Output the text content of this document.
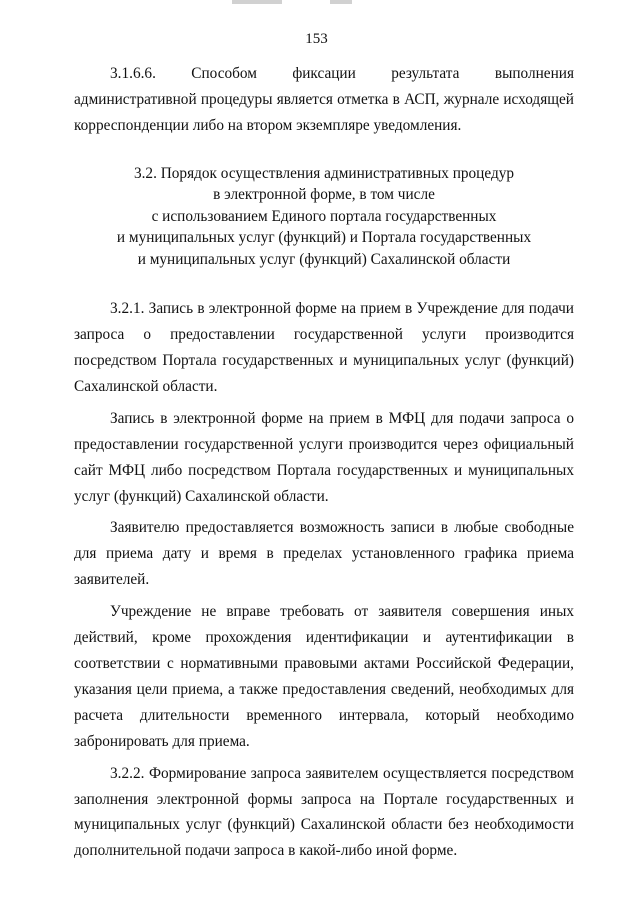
153

3.1.6.6. Способом фиксации результата выполнения административной процедуры является отметка в АСП, журнале исходящей корреспонденции либо на втором экземпляре уведомления.

3.2. Порядок осуществления административных процедур
в электронной форме, в том числе
с использованием Единого портала государственных
и муниципальных услуг (функций) и Портала государственных
и муниципальных услуг (функций) Сахалинской области

3.2.1. Запись в электронной форме на прием в Учреждение для подачи запроса о предоставлении государственной услуги производится посредством Портала государственных и муниципальных услуг (функций) Сахалинской области.

Запись в электронной форме на прием в МФЦ для подачи запроса о предоставлении государственной услуги производится через официальный сайт МФЦ либо посредством Портала государственных и муниципальных услуг (функций) Сахалинской области.

Заявителю предоставляется возможность записи в любые свободные для приема дату и время в пределах установленного графика приема заявителей.

Учреждение не вправе требовать от заявителя совершения иных действий, кроме прохождения идентификации и аутентификации в соответствии с нормативными правовыми актами Российской Федерации, указания цели приема, а также предоставления сведений, необходимых для расчета длительности временного интервала, который необходимо забронировать для приема.

3.2.2. Формирование запроса заявителем осуществляется посредством заполнения электронной формы запроса на Портале государственных и муниципальных услуг (функций) Сахалинской области без необходимости дополнительной подачи запроса в какой-либо иной форме.
